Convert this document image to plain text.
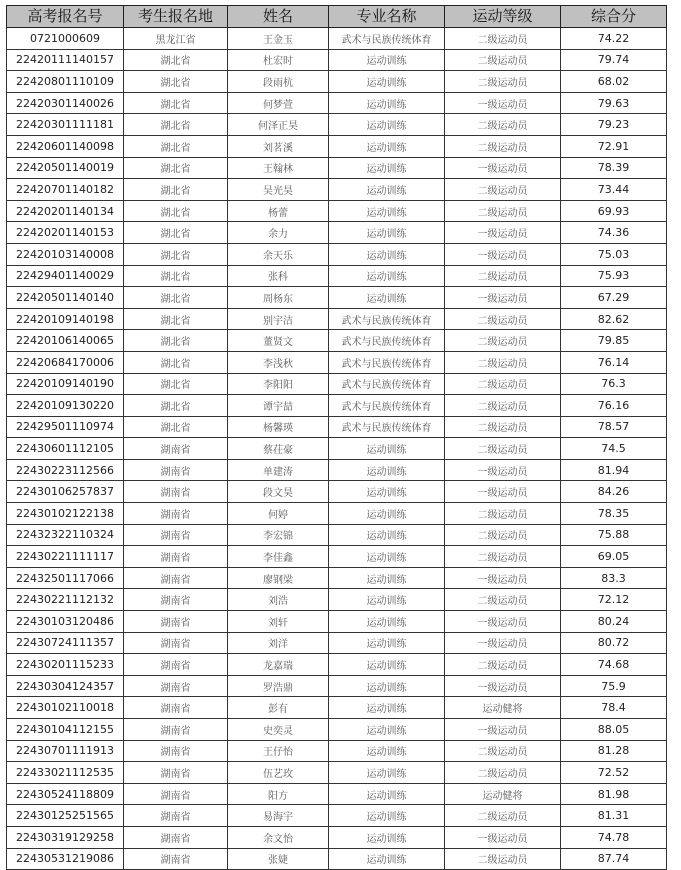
高考报名号	考生报名地	姓名	专业名称	运动等级	综合分
0721000609	黑龙江省	王金玉	武术与民族传统体育	二级运动员	74.22
22420111140157	湖北省	杜宏时	运动训练	二级运动员	79.74
22420801110109	湖北省	段雨杭	运动训练	二级运动员	68.02
22420301140026	湖北省	何梦萱	运动训练	一级运动员	79.63
22420301111181	湖北省	何泽正昊	运动训练	二级运动员	79.23
22420601140098	湖北省	刘茗溪	运动训练	二级运动员	72.91
22420501140019	湖北省	王翰林	运动训练	一级运动员	78.39
22420701140182	湖北省	吴光昊	运动训练	二级运动员	73.44
22420201140134	湖北省	杨蕾	运动训练	二级运动员	69.93
22420201140153	湖北省	余力	运动训练	一级运动员	74.36
22420103140008	湖北省	余天乐	运动训练	一级运动员	75.03
22429401140029	湖北省	张科	运动训练	二级运动员	75.93
22420501140140	湖北省	周杨东	运动训练	一级运动员	67.29
22420109140198	湖北省	别宇洁	武术与民族传统体育	二级运动员	82.62
22420106140065	湖北省	董贤文	武术与民族传统体育	二级运动员	79.85
22420684170006	湖北省	李浅秋	武术与民族传统体育	二级运动员	76.14
22420109140190	湖北省	李阳阳	武术与民族传统体育	二级运动员	76.3
22420109130220	湖北省	谭宇喆	武术与民族传统体育	二级运动员	76.16
22429501110974	湖北省	杨馨瑛	武术与民族传统体育	二级运动员	78.57
22430601112105	湖南省	蔡茌豪	运动训练	二级运动员	74.5
22430223112566	湖南省	单建涛	运动训练	一级运动员	81.94
22430106257837	湖南省	段文昊	运动训练	一级运动员	84.26
22430102122138	湖南省	何婷	运动训练	二级运动员	78.35
22432322110324	湖南省	李宏锦	运动训练	二级运动员	75.88
22430221111117	湖南省	李佳鑫	运动训练	二级运动员	69.05
22432501117066	湖南省	廖钢梁	运动训练	一级运动员	83.3
22430221112132	湖南省	刘浩	运动训练	二级运动员	72.12
22430103120486	湖南省	刘轩	运动训练	一级运动员	80.24
22430724111357	湖南省	刘洋	运动训练	一级运动员	80.72
22430201115233	湖南省	龙嘉瑞	运动训练	二级运动员	74.68
22430304124357	湖南省	罗浩鼎	运动训练	一级运动员	75.9
22430102110018	湖南省	彭有	运动训练	运动健将	78.4
22430104112155	湖南省	史奕灵	运动训练	一级运动员	88.05
22430701111913	湖南省	王仔怡	运动训练	二级运动员	81.28
22433021112535	湖南省	伍艺玫	运动训练	二级运动员	72.52
22430524118809	湖南省	阳方	运动训练	运动健将	81.98
22430125251565	湖南省	易海宇	运动训练	二级运动员	81.31
22430319129258	湖南省	余文怡	运动训练	一级运动员	74.78
22430531219086	湖南省	张婕	运动训练	二级运动员	87.74
